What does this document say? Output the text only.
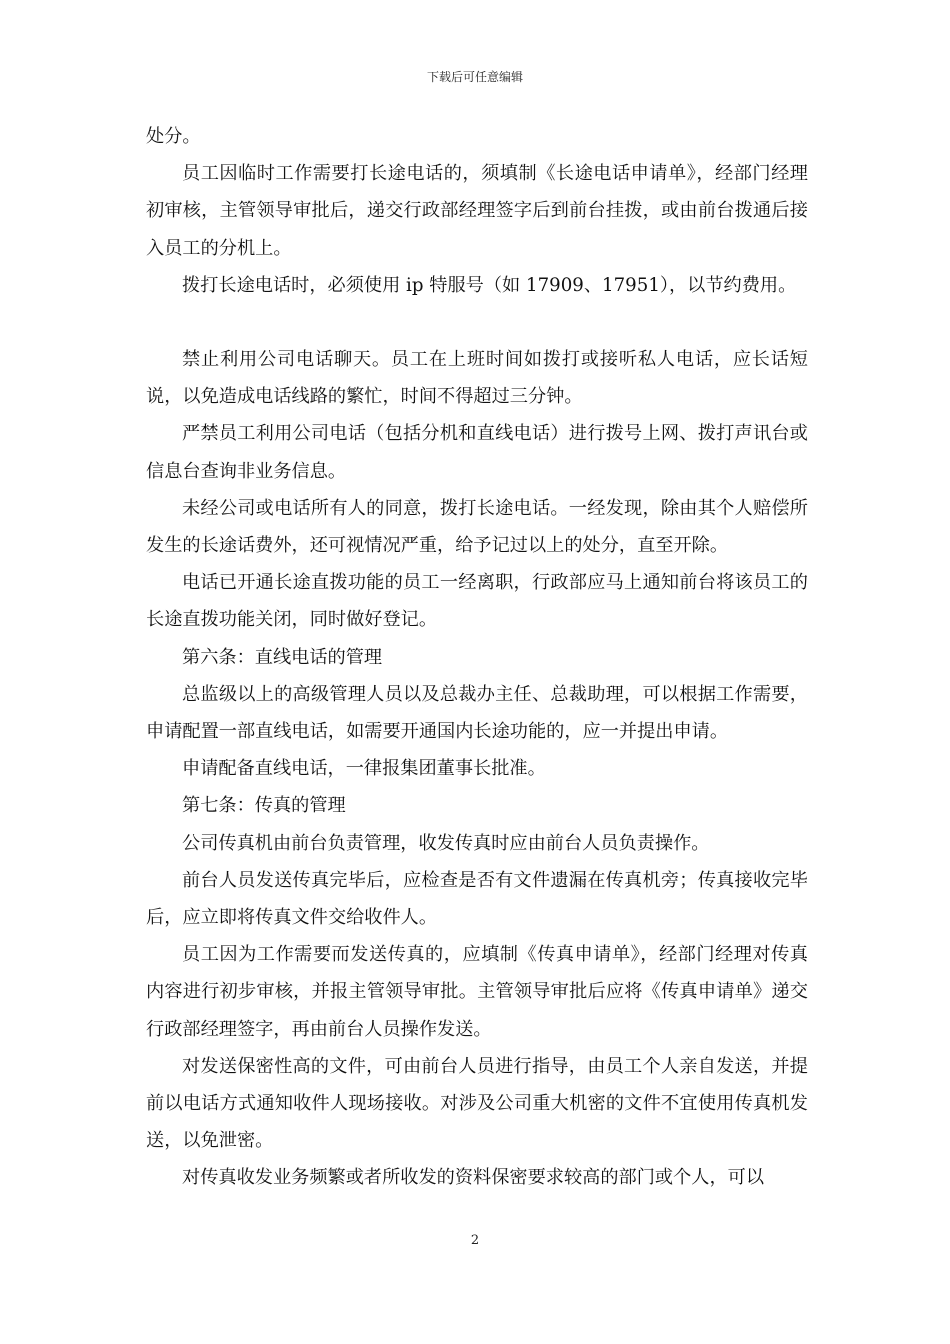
下载后可任意编辑

处分。

员工因临时工作需要打长途电话的，须填制《长途电话申请单》，经部门经理初审核，主管领导审批后，递交行政部经理签字后到前台挂拨，或由前台拨通后接入员工的分机上。

拨打长途电话时，必须使用 ip 特服号（如 17909、17951），以节约费用。

禁止利用公司电话聊天。员工在上班时间如拨打或接听私人电话，应长话短说，以免造成电话线路的繁忙，时间不得超过三分钟。

严禁员工利用公司电话（包括分机和直线电话）进行拨号上网、拨打声讯台或信息台查询非业务信息。

未经公司或电话所有人的同意，拨打长途电话。一经发现，除由其个人赔偿所发生的长途话费外，还可视情况严重，给予记过以上的处分，直至开除。

电话已开通长途直拨功能的员工一经离职，行政部应马上通知前台将该员工的长途直拨功能关闭，同时做好登记。

第六条：直线电话的管理

总监级以上的高级管理人员以及总裁办主任、总裁助理，可以根据工作需要，申请配置一部直线电话，如需要开通国内长途功能的，应一并提出申请。

申请配备直线电话，一律报集团董事长批准。

第七条：传真的管理

公司传真机由前台负责管理，收发传真时应由前台人员负责操作。

前台人员发送传真完毕后，应检查是否有文件遗漏在传真机旁；传真接收完毕后，应立即将传真文件交给收件人。

员工因为工作需要而发送传真的，应填制《传真申请单》，经部门经理对传真内容进行初步审核，并报主管领导审批。主管领导审批后应将《传真申请单》递交行政部经理签字，再由前台人员操作发送。

对发送保密性高的文件，可由前台人员进行指导，由员工个人亲自发送，并提前以电话方式通知收件人现场接收。对涉及公司重大机密的文件不宜使用传真机发送，以免泄密。

对传真收发业务频繁或者所收发的资料保密要求较高的部门或个人，可以

2
